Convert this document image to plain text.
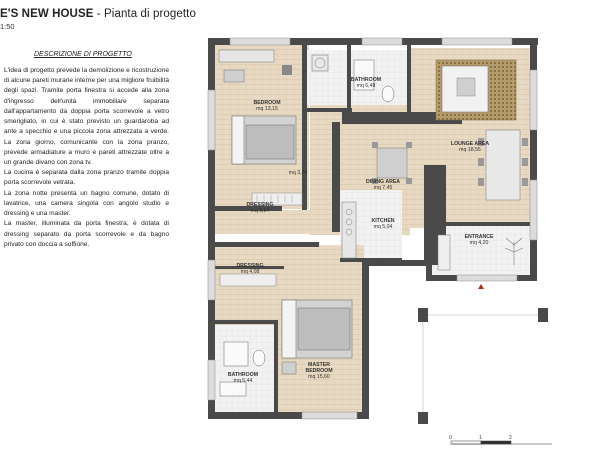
E'S NEW HOUSE - Pianta di progetto
1:50
DESCRIZIONE DI PROGETTO

L'idea di progetto prevede la demolizione e ricostruzione di alcune pareti murarie interne per una migliore fruibilità degli spazi. Tramite porta finestra si accede alla zona d'ingresso dell'unità immobiliare separata dall'appartamento da doppia porta scorrevole a vetro smerigliato, in cui è stato previsto un guardaroba ad ante a specchio e una piccola zona attrezzata a verde. La zona giorno, comunicante con la zona pranzo, prevede armadiature a muro e pareti attrezzate oltre a un grande divano con zona tv.

La cucina è separata dalla zona pranzo tramite doppia porta scorrevole vetrata.

La zona notte presenta un bagno comune, dotato di lavatrice, una camera singola con angolo studio e dressing e una master.

La master, illuminata da porta finestra, è dotata di dressing separato da porta scorrevole e da bagno privato con doccia a soffione.

BEDROOM
mq 13,15
BATHROOM
mq 6,48
LOUNGE AREA
mq 18,55
DINING AREA
mq 7,45
mq 3,24
DRESSING
mq 3,84
KITCHEN
mq 5,04
ENTRANCE
mq 4,20
DRESSING
mq 4,08
BATHROOM
mq 5,44
MASTER
BEDROOM
mq 15,60
0	1	2
